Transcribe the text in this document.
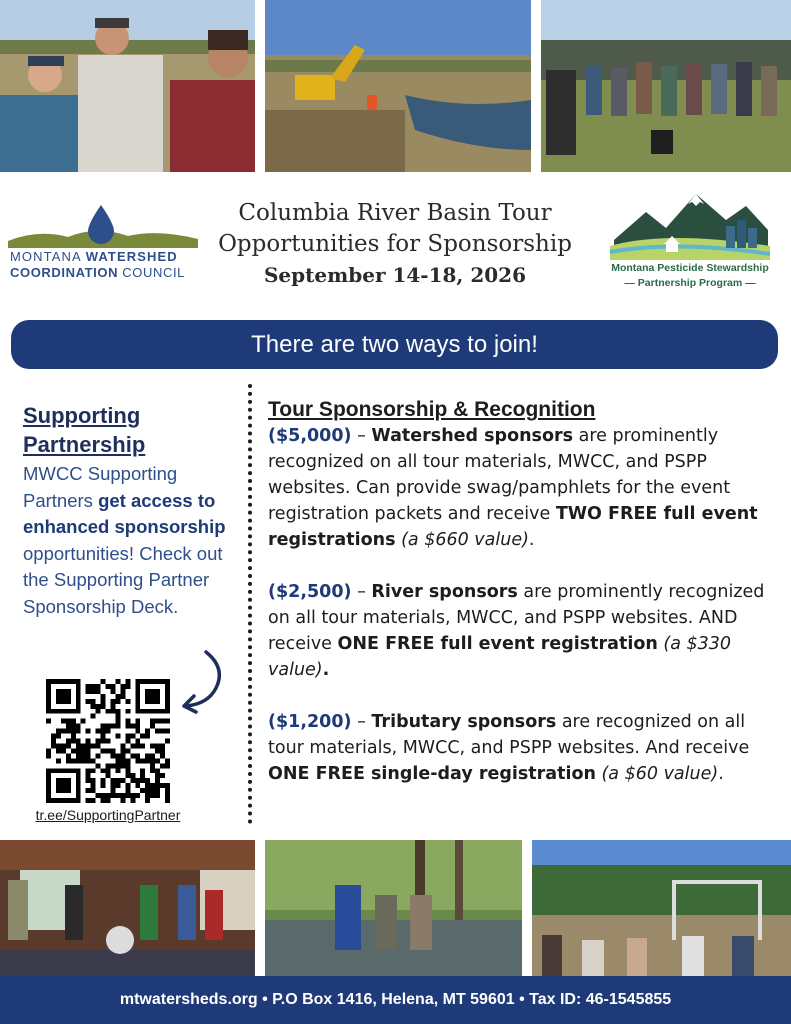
MONTANA WATERSHED
COORDINATION COUNCIL
Columbia River Basin Tour
Opportunities for Sponsorship
September 14-18, 2026	Montana Pesticide Stewardship
— Partnership Program —
There are two ways to join!
Supporting
Partnership
MWCC Supporting Partners get access to enhanced sponsorship opportunities! Check out the Supporting Partner Sponsorship Deck.
tr.ee/SupportingPartner
Tour Sponsorship & Recognition
($5,000) – Watershed sponsors are prominently recognized on all tour materials, MWCC, and PSPP websites. Can provide swag/pamphlets for the event registration packets and receive TWO FREE full event registrations (a $660 value).
($2,500) – River sponsors are prominently recognized on all tour materials, MWCC, and PSPP websites. AND receive ONE FREE full event registration (a $330 value).
($1,200) – Tributary sponsors are recognized on all tour materials, MWCC, and PSPP websites. And receive ONE FREE single-day registration (a $60 value).
mtwatersheds.org • P.O Box 1416, Helena, MT 59601 • Tax ID: 46-1545855
